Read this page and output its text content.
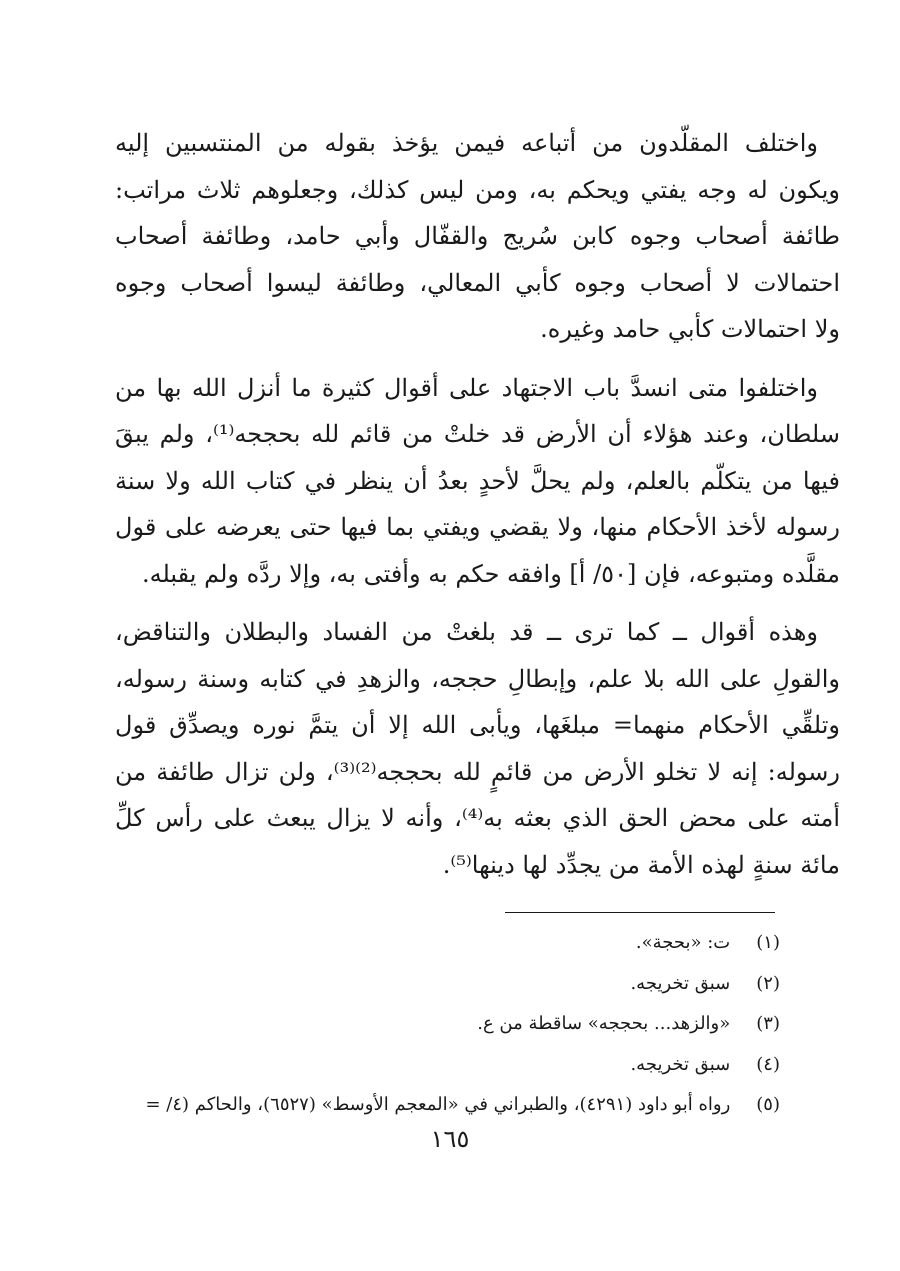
واختلف المقلّدون من أتباعه فيمن يؤخذ بقوله من المنتسبين إليه
ويكون له وجه يفتي ويحكم به، ومن ليس كذلك، وجعلوهم ثلاث مراتب:
طائفة أصحاب وجوه كابن سُريج والقفّال وأبي حامد، وطائفة أصحاب
احتمالات لا أصحاب وجوه كأبي المعالي، وطائفة ليسوا أصحاب وجوه
ولا احتمالات كأبي حامد وغيره.
واختلفوا متى انسدَّ باب الاجتهاد على أقوال كثيرة ما أنزل الله بها من
سلطان، وعند هؤلاء أن الأرض قد خلتْ من قائم لله بحججه⁽¹⁾، ولم يبقَ
فيها من يتكلّم بالعلم، ولم يحلَّ لأحدٍ بعدُ أن ينظر في كتاب الله ولا سنة
رسوله لأخذ الأحكام منها، ولا يقضي ويفتي بما فيها حتى يعرضه على قول
مقلَّده ومتبوعه، فإن [٥٠/ أ] وافقه حكم به وأفتى به، وإلا ردَّه ولم يقبله.
وهذه أقوال ــ كما ترى ــ قد بلغتْ من الفساد والبطلان والتناقض،
والقولِ على الله بلا علم، وإبطالِ حججه، والزهدِ في كتابه وسنة رسوله،
وتلقِّي الأحكام منهما= مبلغَها، ويأبى الله إلا أن يتمَّ نوره ويصدِّق قول
رسوله: إنه لا تخلو الأرض من قائمٍ لله بحججه⁽²⁾⁽³⁾، ولن تزال طائفة من
أمته على محض الحق الذي بعثه به⁽⁴⁾، وأنه لا يزال يبعث على رأس كلِّ
مائة سنةٍ لهذه الأمة من يجدِّد لها دينها⁽⁵⁾.
(١) ت: «بحجة».
(٢) سبق تخريجه.
(٣) «والزهد... بحججه» ساقطة من ع.
(٤) سبق تخريجه.
(٥) رواه أبو داود (٤٢٩١)، والطبراني في «المعجم الأوسط» (٦٥٢٧)، والحاكم (٤/ =
١٦٥
